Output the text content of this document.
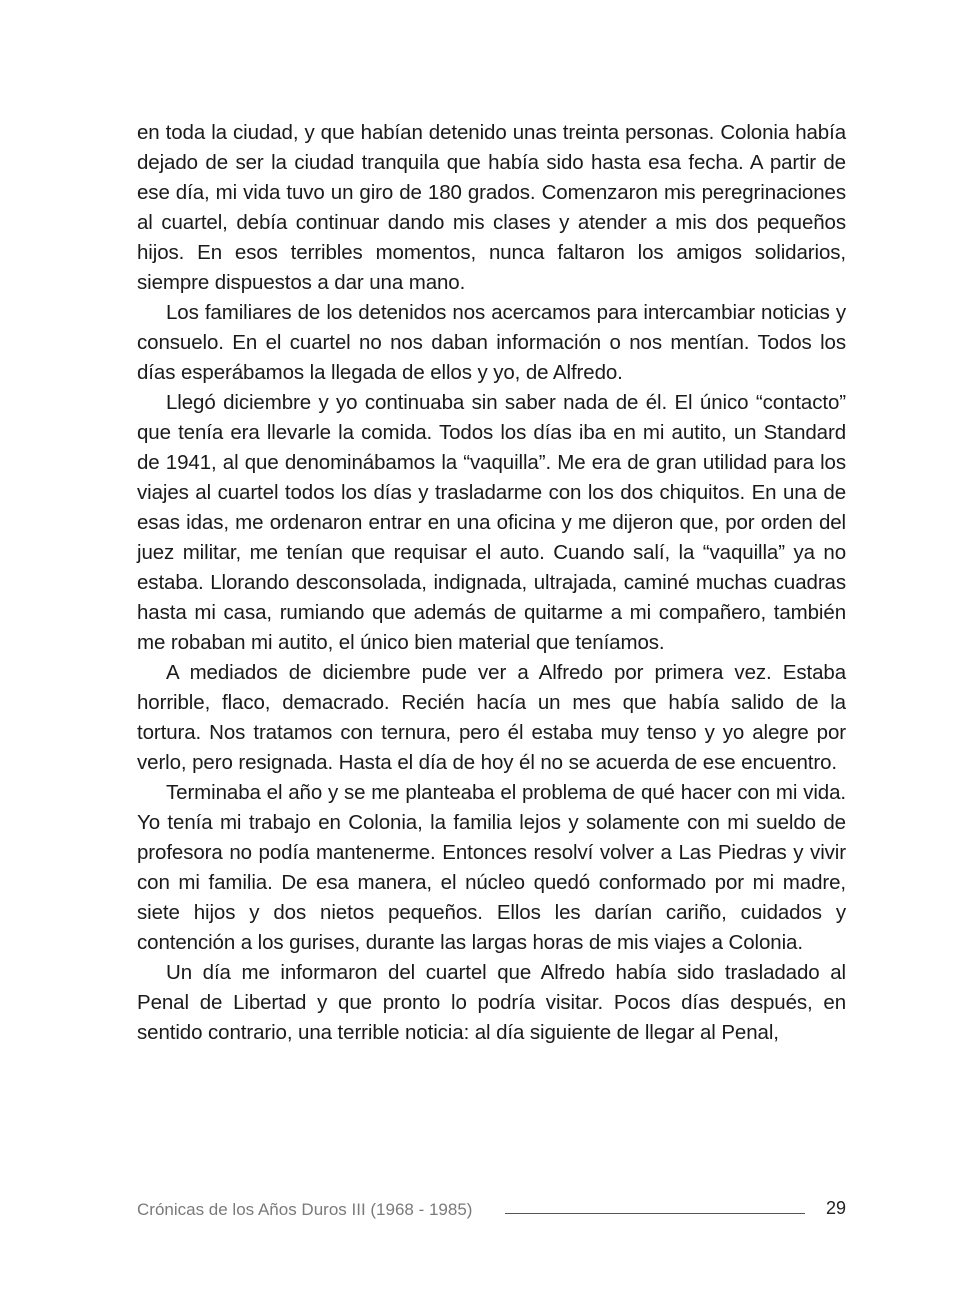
en toda la ciudad, y que habían detenido unas treinta personas. Colonia había dejado de ser la ciudad tranquila que había sido hasta esa fecha. A partir de ese día, mi vida tuvo un giro de 180 grados. Comenzaron mis peregrinaciones al cuartel, debía continuar dando mis clases y atender a mis dos pequeños hijos. En esos terribles momentos, nunca faltaron los amigos solidarios, siempre dispuestos a dar una mano.

Los familiares de los detenidos nos acercamos para intercambiar noticias y consuelo. En el cuartel no nos daban información o nos mentían. Todos los días esperábamos la llegada de ellos y yo, de Alfredo.

Llegó diciembre y yo continuaba sin saber nada de él. El único “contacto” que tenía era llevarle la comida. Todos los días iba en mi autito, un Standard de 1941, al que denominábamos la “vaquilla”. Me era de gran utilidad para los viajes al cuartel todos los días y trasladarme con los dos chiquitos. En una de esas idas, me ordenaron entrar en una oficina y me dijeron que, por orden del juez militar, me tenían que requisar el auto. Cuando salí, la “vaquilla” ya no estaba. Llorando desconsolada, indignada, ultrajada, caminé muchas cuadras hasta mi casa, rumiando que además de quitarme a mi compañero, también me robaban mi autito, el único bien material que teníamos.

A mediados de diciembre pude ver a Alfredo por primera vez. Estaba horrible, flaco, demacrado. Recién hacía un mes que había salido de la tortura. Nos tratamos con ternura, pero él estaba muy tenso y yo alegre por verlo, pero resignada. Hasta el día de hoy él no se acuerda de ese encuentro.

Terminaba el año y se me planteaba el problema de qué hacer con mi vida. Yo tenía mi trabajo en Colonia, la familia lejos y solamente con mi sueldo de profesora no podía mantenerme. Entonces resolví volver a Las Piedras y vivir con mi familia. De esa manera, el núcleo quedó conformado por mi madre, siete hijos y dos nietos pequeños. Ellos les darían cariño, cuidados y contención a los gurises, durante las largas horas de mis viajes a Colonia.

Un día me informaron del cuartel que Alfredo había sido trasladado al Penal de Libertad y que pronto lo podría visitar. Pocos días después, en sentido contrario, una terrible noticia: al día siguiente de llegar al Penal,

Crónicas de los Años Duros III (1968 - 1985)	29
